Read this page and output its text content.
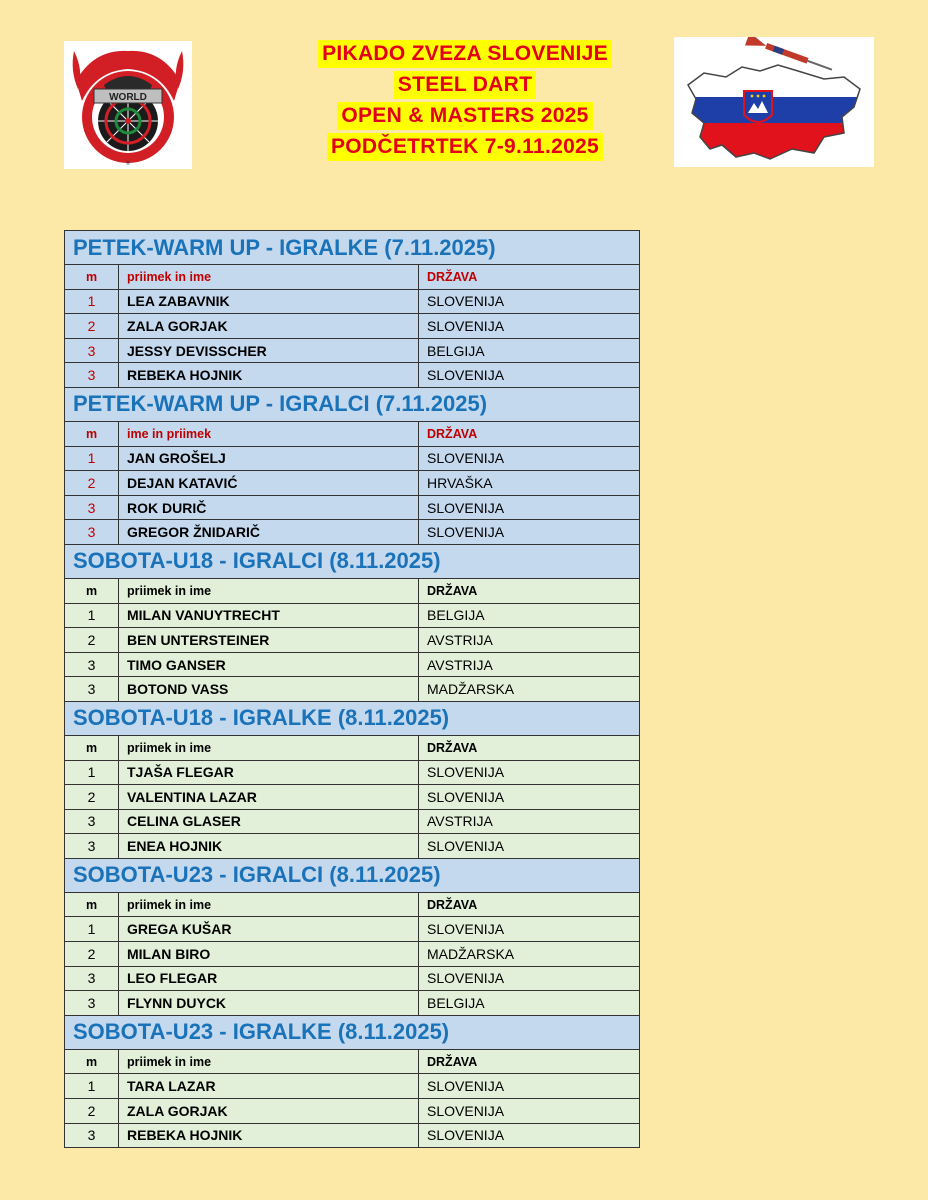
PIKADO ZVEZA SLOVENIJE
STEEL DART
OPEN & MASTERS 2025
PODČETRTEK 7-9.11.2025
WORLD
®
PETEK-WARM UP - IGRALKE (7.11.2025)		
m	priimek in ime	DRŽAVA
1	LEA ZABAVNIK	SLOVENIJA
2	ZALA GORJAK	SLOVENIJA
3	JESSY DEVISSCHER	BELGIJA
3	REBEKA HOJNIK	SLOVENIJA
PETEK-WARM UP - IGRALCI (7.11.2025)		
m	ime in priimek	DRŽAVA
1	JAN GROŠELJ	SLOVENIJA
2	DEJAN KATAVIĆ	HRVAŠKA
3	ROK DURIČ	SLOVENIJA
3	GREGOR ŽNIDARIČ	SLOVENIJA
SOBOTA-U18 - IGRALCI (8.11.2025)		
m	priimek in ime	DRŽAVA
1	MILAN VANUYTRECHT	BELGIJA
2	BEN UNTERSTEINER	AVSTRIJA
3	TIMO GANSER	AVSTRIJA
3	BOTOND VASS	MADŽARSKA
SOBOTA-U18 - IGRALKE (8.11.2025)		
m	priimek in ime	DRŽAVA
1	TJAŠA FLEGAR	SLOVENIJA
2	VALENTINA LAZAR	SLOVENIJA
3	CELINA GLASER	AVSTRIJA
3	ENEA HOJNIK	SLOVENIJA
SOBOTA-U23 - IGRALCI (8.11.2025)		
m	priimek in ime	DRŽAVA
1	GREGA KUŠAR	SLOVENIJA
2	MILAN BIRO	MADŽARSKA
3	LEO FLEGAR	SLOVENIJA
3	FLYNN DUYCK	BELGIJA
SOBOTA-U23 - IGRALKE (8.11.2025)		
m	priimek in ime	DRŽAVA
1	TARA LAZAR	SLOVENIJA
2	ZALA GORJAK	SLOVENIJA
3	REBEKA HOJNIK	SLOVENIJA
